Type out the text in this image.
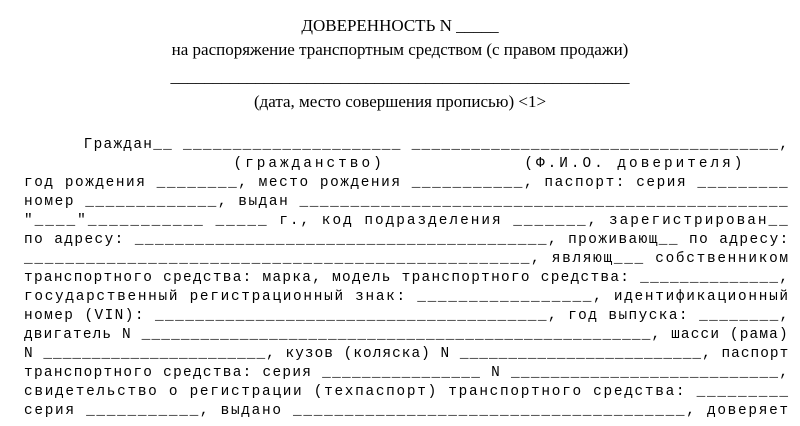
ДОВЕРЕННОСТЬ N _____
на распоряжение транспортным средством (с правом продажи)
______________________________________________________
(дата, место совершения прописью) <1>
Граждан__ ______________________ _____________________________________,
(гражданство)            (Ф.И.О. доверителя)
год рождения ________, место рождения ___________, паспорт: серия _________
номер _____________, выдан ________________________________________________
"____"___________ _____ г., код подразделения _______, зарегистрирован__
по адресу: _________________________________________, проживающ__ по адресу:
_________________________________________________, являющ___ собственником
транспортного средства: марка, модель транспортного средства: ______________,
государственный регистрационный знак: _________________, идентификационный
номер (VIN): _______________________________________, год выпуска: ________,
двигатель N ____________________________________________________, шасси (рама)
N _______________________, кузов (коляска) N _________________________, паспорт
транспортного средства: серия ________________ N ___________________________,
свидетельство о регистрации (техпаспорт) транспортного средства: _________
серия ___________, выдано ______________________________________, доверяет
